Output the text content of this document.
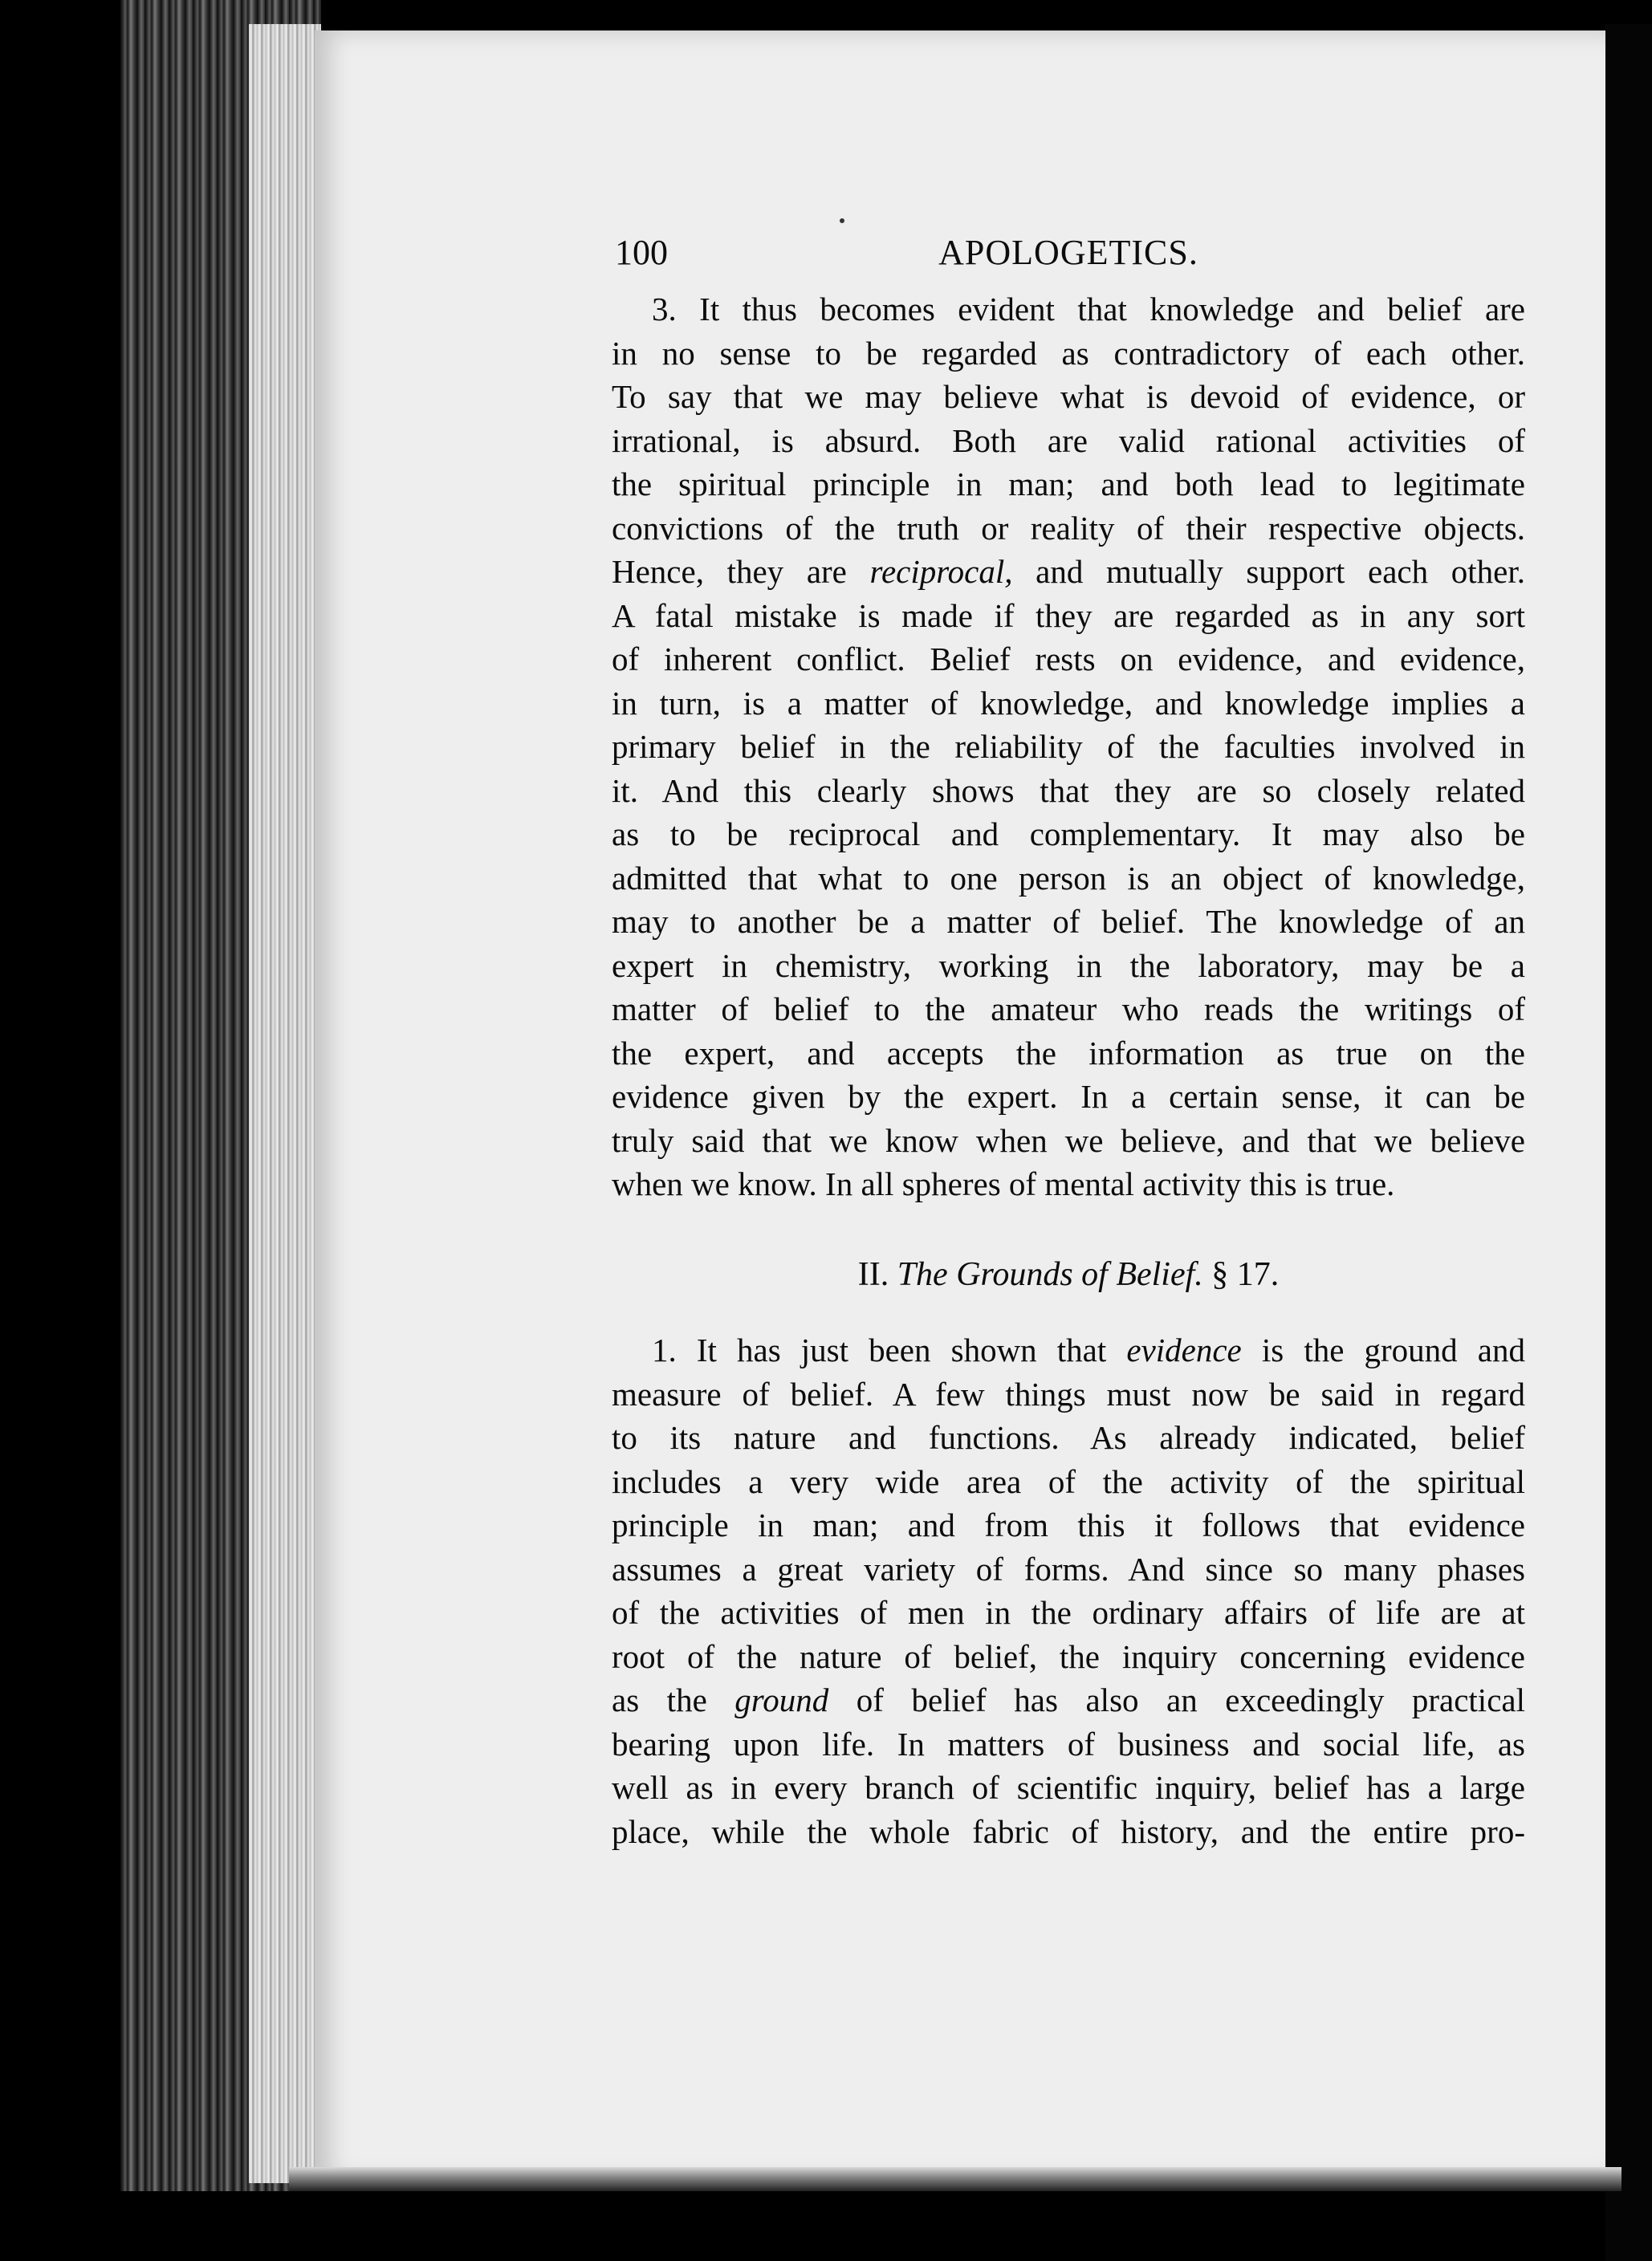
100	APOLOGETICS.

3. It thus becomes evident that knowledge and belief are

in no sense to be regarded as contradictory of each other.

To say that we may believe what is devoid of evidence, or

irrational, is absurd. Both are valid rational activities of

the spiritual principle in man; and both lead to legitimate

convictions of the truth or reality of their respective objects.

Hence, they are reciprocal, and mutually support each other.

A fatal mistake is made if they are regarded as in any sort

of inherent conflict. Belief rests on evidence, and evidence,

in turn, is a matter of knowledge, and knowledge implies a

primary belief in the reliability of the faculties involved in

it. And this clearly shows that they are so closely related

as to be reciprocal and complementary. It may also be

admitted that what to one person is an object of knowledge,

may to another be a matter of belief. The knowledge of an

expert in chemistry, working in the laboratory, may be a

matter of belief to the amateur who reads the writings of

the expert, and accepts the information as true on the

evidence given by the expert. In a certain sense, it can be

truly said that we know when we believe, and that we believe

when we know. In all spheres of mental activity this is true.

II. The Grounds of Belief. § 17.

1. It has just been shown that evidence is the ground and

measure of belief. A few things must now be said in regard

to its nature and functions. As already indicated, belief

includes a very wide area of the activity of the spiritual

principle in man; and from this it follows that evidence

assumes a great variety of forms. And since so many phases

of the activities of men in the ordinary affairs of life are at

root of the nature of belief, the inquiry concerning evidence

as the ground of belief has also an exceedingly practical

bearing upon life. In matters of business and social life, as

well as in every branch of scientific inquiry, belief has a large

place, while the whole fabric of history, and the entire pro-
